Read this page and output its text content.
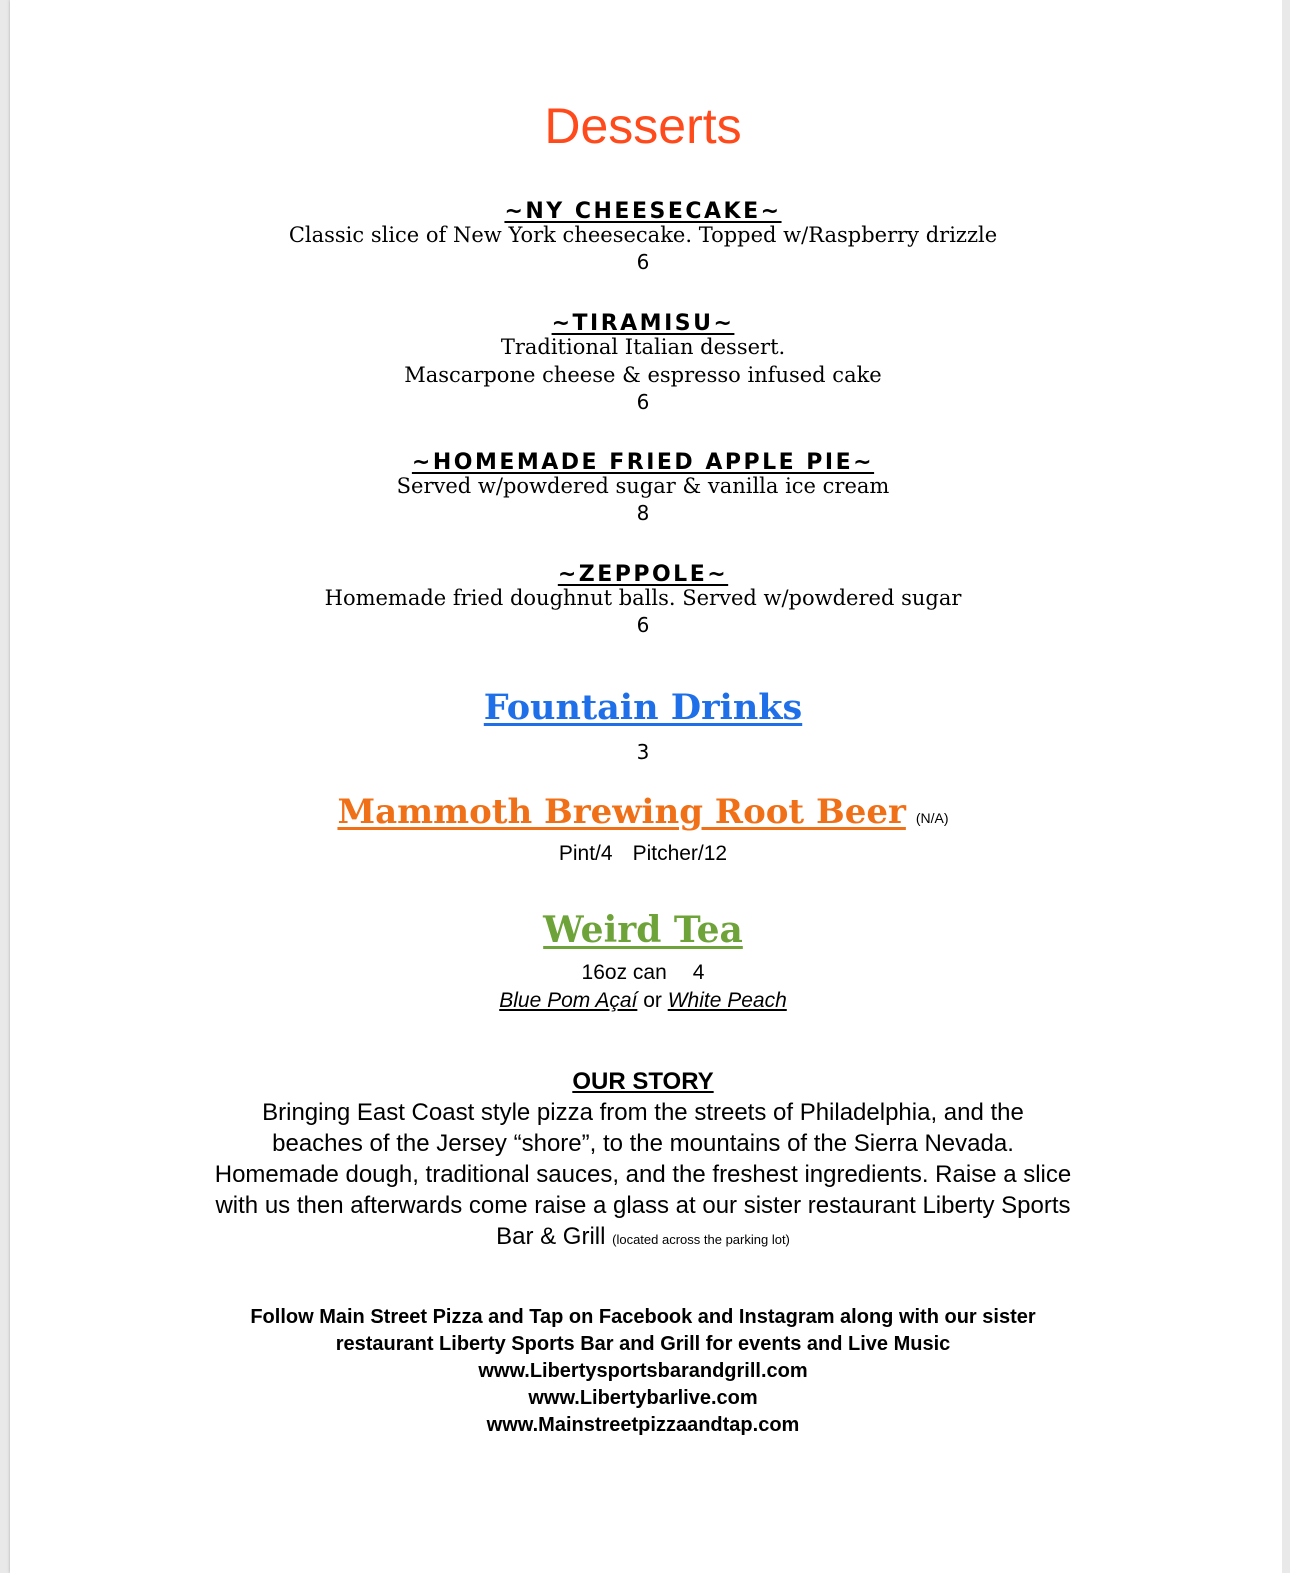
Desserts
~NY CHEESECAKE~
Classic slice of New York cheesecake. Topped w/Raspberry drizzle
6
~TIRAMISU~
Traditional Italian dessert.
Mascarpone cheese & espresso infused cake
6
~HOMEMADE FRIED APPLE PIE~
Served w/powdered sugar & vanilla ice cream
8
~ZEPPOLE~
Homemade fried doughnut balls. Served w/powdered sugar
6
Fountain Drinks
3
Mammoth Brewing Root Beer (N/A)
Pint/4 Pitcher/12
Weird Tea
16oz can 4
Blue Pom Açaí or White Peach
OUR STORY
Bringing East Coast style pizza from the streets of Philadelphia, and the
beaches of the Jersey “shore”, to the mountains of the Sierra Nevada.
Homemade dough, traditional sauces, and the freshest ingredients. Raise a slice
with us then afterwards come raise a glass at our sister restaurant Liberty Sports
Bar & Grill (located across the parking lot)
Follow Main Street Pizza and Tap on Facebook and Instagram along with our sister
restaurant Liberty Sports Bar and Grill for events and Live Music
www.Libertysportsbarandgrill.com
www.Libertybarlive.com
www.Mainstreetpizzaandtap.com
